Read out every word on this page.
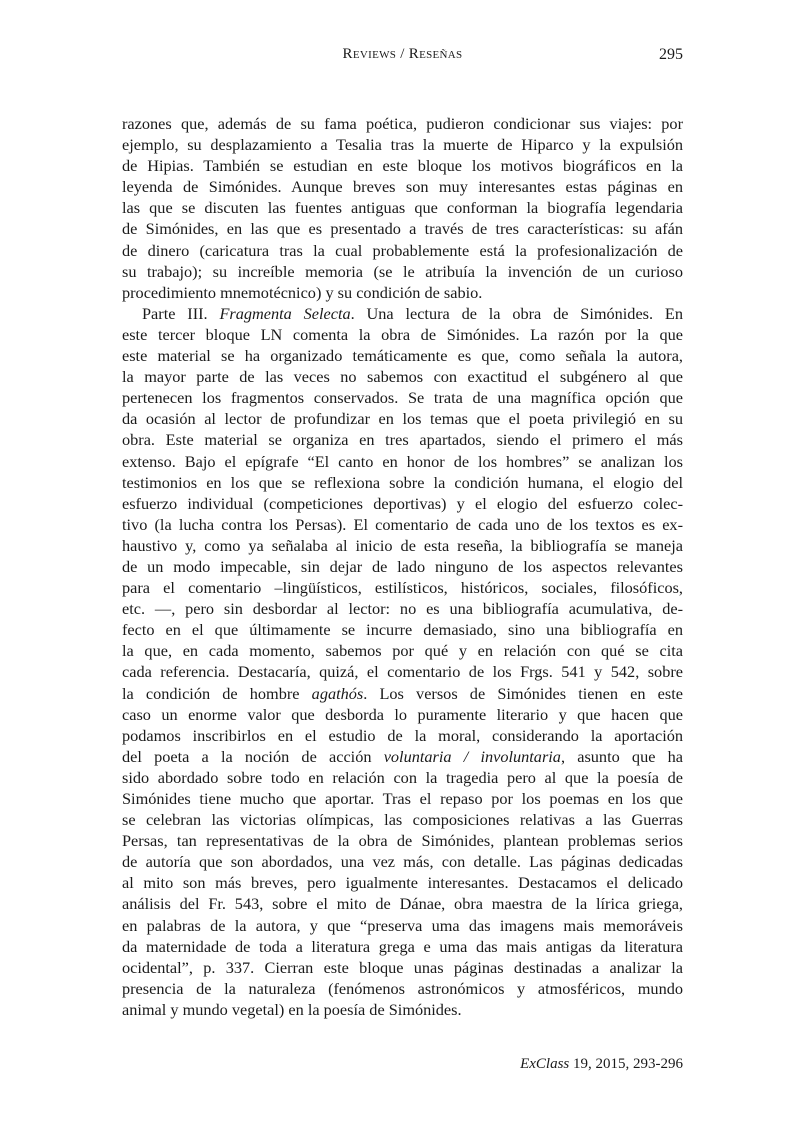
Reviews / Reseñas	295
razones que, además de su fama poética, pudieron condicionar sus viajes: por
ejemplo, su desplazamiento a Tesalia tras la muerte de Hiparco y la expulsión
de Hipias. También se estudian en este bloque los motivos biográficos en la
leyenda de Simónides. Aunque breves son muy interesantes estas páginas en
las que se discuten las fuentes antiguas que conforman la biografía legendaria
de Simónides, en las que es presentado a través de tres características: su afán
de dinero (caricatura tras la cual probablemente está la profesionalización de
su trabajo); su increíble memoria (se le atribuía la invención de un curioso
procedimiento mnemotécnico) y su condición de sabio.
Parte III. Fragmenta Selecta. Una lectura de la obra de Simónides. En
este tercer bloque LN comenta la obra de Simónides. La razón por la que
este material se ha organizado temáticamente es que, como señala la autora,
la mayor parte de las veces no sabemos con exactitud el subgénero al que
pertenecen los fragmentos conservados. Se trata de una magnífica opción que
da ocasión al lector de profundizar en los temas que el poeta privilegió en su
obra. Este material se organiza en tres apartados, siendo el primero el más
extenso. Bajo el epígrafe “El canto en honor de los hombres” se analizan los
testimonios en los que se reflexiona sobre la condición humana, el elogio del
esfuerzo individual (competiciones deportivas) y el elogio del esfuerzo colec-
tivo (la lucha contra los Persas). El comentario de cada uno de los textos es ex-
haustivo y, como ya señalaba al inicio de esta reseña, la bibliografía se maneja
de un modo impecable, sin dejar de lado ninguno de los aspectos relevantes
para el comentario –lingüísticos, estilísticos, históricos, sociales, filosóficos,
etc. —, pero sin desbordar al lector: no es una bibliografía acumulativa, de-
fecto en el que últimamente se incurre demasiado, sino una bibliografía en
la que, en cada momento, sabemos por qué y en relación con qué se cita
cada referencia. Destacaría, quizá, el comentario de los Frgs. 541 y 542, sobre
la condición de hombre agathós. Los versos de Simónides tienen en este
caso un enorme valor que desborda lo puramente literario y que hacen que
podamos inscribirlos en el estudio de la moral, considerando la aportación
del poeta a la noción de acción voluntaria / involuntaria, asunto que ha
sido abordado sobre todo en relación con la tragedia pero al que la poesía de
Simónides tiene mucho que aportar. Tras el repaso por los poemas en los que
se celebran las victorias olímpicas, las composiciones relativas a las Guerras
Persas, tan representativas de la obra de Simónides, plantean problemas serios
de autoría que son abordados, una vez más, con detalle. Las páginas dedicadas
al mito son más breves, pero igualmente interesantes. Destacamos el delicado
análisis del Fr. 543, sobre el mito de Dánae, obra maestra de la lírica griega,
en palabras de la autora, y que “preserva uma das imagens mais memoráveis
da maternidade de toda a literatura grega e uma das mais antigas da literatura
ocidental”, p. 337. Cierran este bloque unas páginas destinadas a analizar la
presencia de la naturaleza (fenómenos astronómicos y atmosféricos, mundo
animal y mundo vegetal) en la poesía de Simónides.
ExClass 19, 2015, 293-296
